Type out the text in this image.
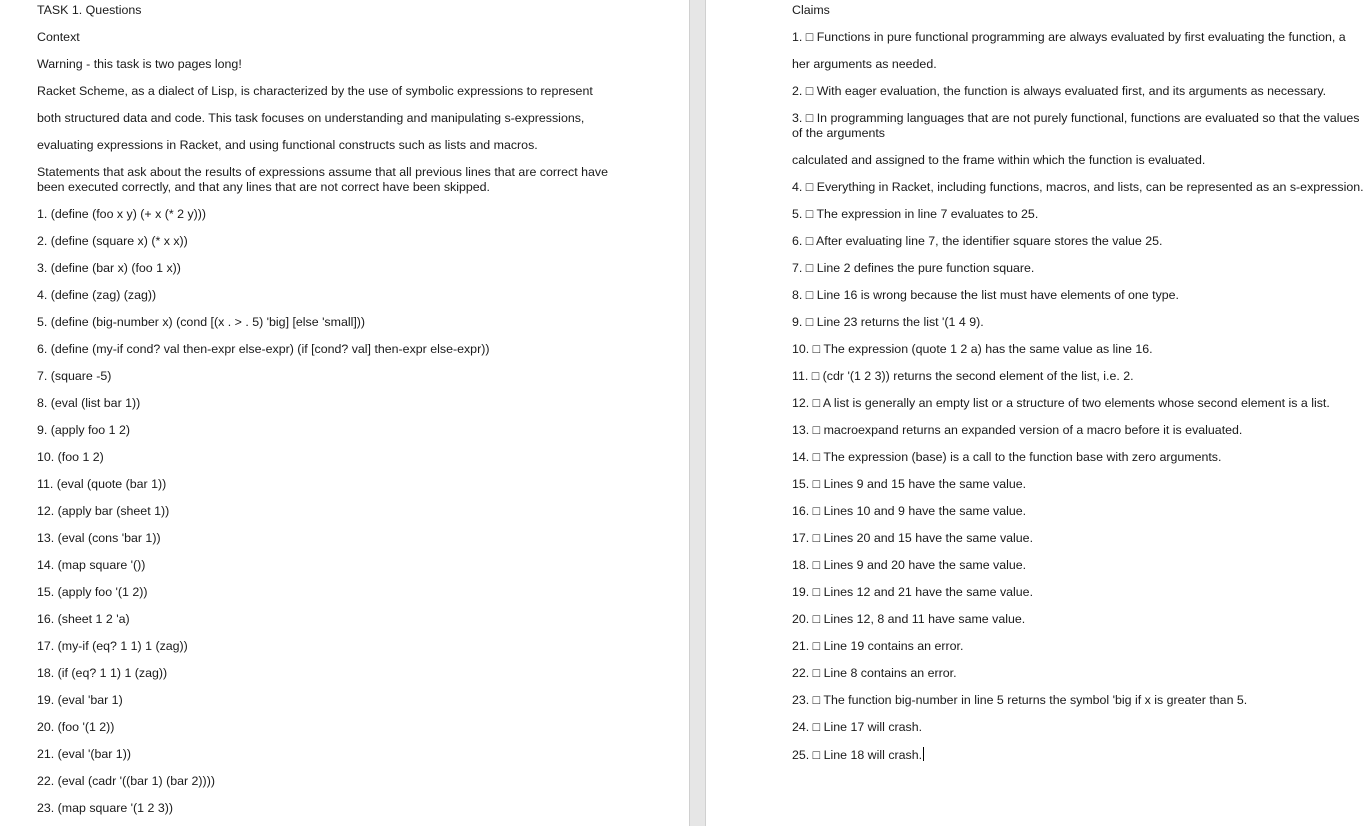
TASK 1. Questions
Context
Warning - this task is two pages long!
Racket Scheme, as a dialect of Lisp, is characterized by the use of symbolic expressions to represent
both structured data and code. This task focuses on understanding and manipulating s-expressions,
evaluating expressions in Racket, and using functional constructs such as lists and macros.
Statements that ask about the results of expressions assume that all previous lines that are correct have been executed correctly, and that any lines that are not correct have been skipped.
1. (define (foo x y) (+ x (* 2 y)))
2. (define (square x) (* x x))
3. (define (bar x) (foo 1 x))
4. (define (zag) (zag))
5. (define (big-number x) (cond [(x . > . 5) 'big] [else 'small]))
6. (define (my-if cond? val then-expr else-expr) (if [cond? val] then-expr else-expr))
7. (square -5)
8. (eval (list bar 1))
9. (apply foo 1 2)
10. (foo 1 2)
11. (eval (quote (bar 1))
12. (apply bar (sheet 1))
13. (eval (cons 'bar 1))
14. (map square '())
15. (apply foo '(1 2))
16. (sheet 1 2 'a)
17. (my-if (eq? 1 1) 1 (zag))
18. (if (eq? 1 1) 1 (zag))
19. (eval 'bar 1)
20. (foo '(1 2))
21. (eval '(bar 1))
22. (eval (cadr '((bar 1) (bar 2))))
23. (map square '(1 2 3))
Claims
1. □ Functions in pure functional programming are always evaluated by first evaluating the function, a
her arguments as needed.
2. □ With eager evaluation, the function is always evaluated first, and its arguments as necessary.
3. □ In programming languages that are not purely functional, functions are evaluated so that the values of the arguments
calculated and assigned to the frame within which the function is evaluated.
4. □ Everything in Racket, including functions, macros, and lists, can be represented as an s-expression.
5. □ The expression in line 7 evaluates to 25.
6. □ After evaluating line 7, the identifier square stores the value 25.
7. □ Line 2 defines the pure function square.
8. □ Line 16 is wrong because the list must have elements of one type.
9. □ Line 23 returns the list '(1 4 9).
10. □ The expression (quote 1 2 a) has the same value as line 16.
11. □ (cdr '(1 2 3)) returns the second element of the list, i.e. 2.
12. □ A list is generally an empty list or a structure of two elements whose second element is a list.
13. □ macroexpand returns an expanded version of a macro before it is evaluated.
14. □ The expression (base) is a call to the function base with zero arguments.
15. □ Lines 9 and 15 have the same value.
16. □ Lines 10 and 9 have the same value.
17. □ Lines 20 and 15 have the same value.
18. □ Lines 9 and 20 have the same value.
19. □ Lines 12 and 21 have the same value.
20. □ Lines 12, 8 and 11 have same value.
21. □ Line 19 contains an error.
22. □ Line 8 contains an error.
23. □ The function big-number in line 5 returns the symbol 'big if x is greater than 5.
24. □ Line 17 will crash.
25. □ Line 18 will crash.
